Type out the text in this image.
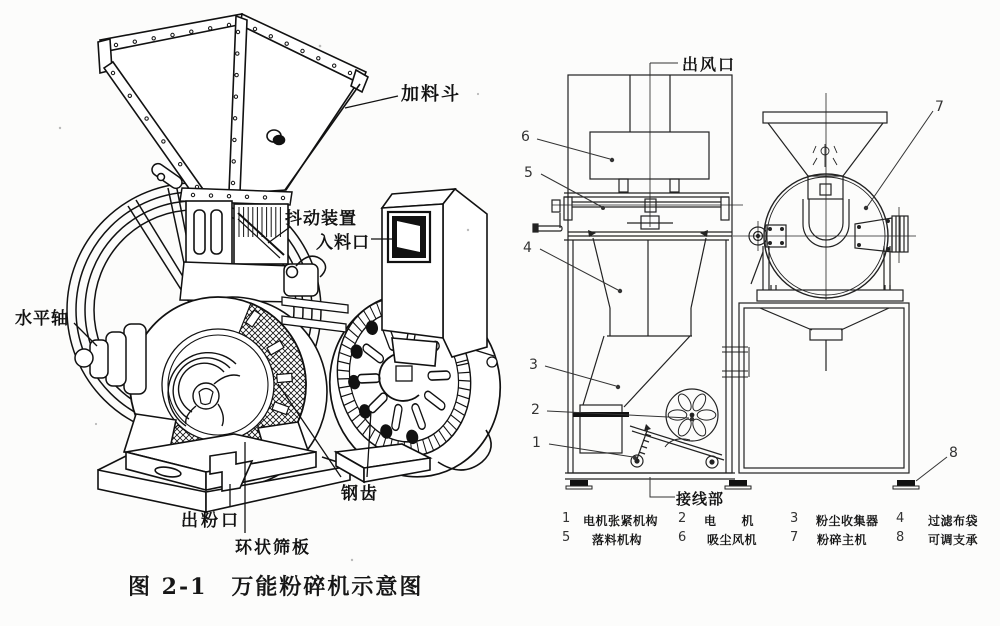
加料斗
抖动装置
入料口
水平轴
出粉口
环状筛板
钢齿
图 2-1　万能粉碎机示意图
出风口
接线部
6
5
4
3
2
1
7
8
1 电机张紧机构 2 电　　机	3 粉尘收集器 4 过滤布袋
5 落料机构	6 吸尘风机	7 粉碎主机 8 可调支承
